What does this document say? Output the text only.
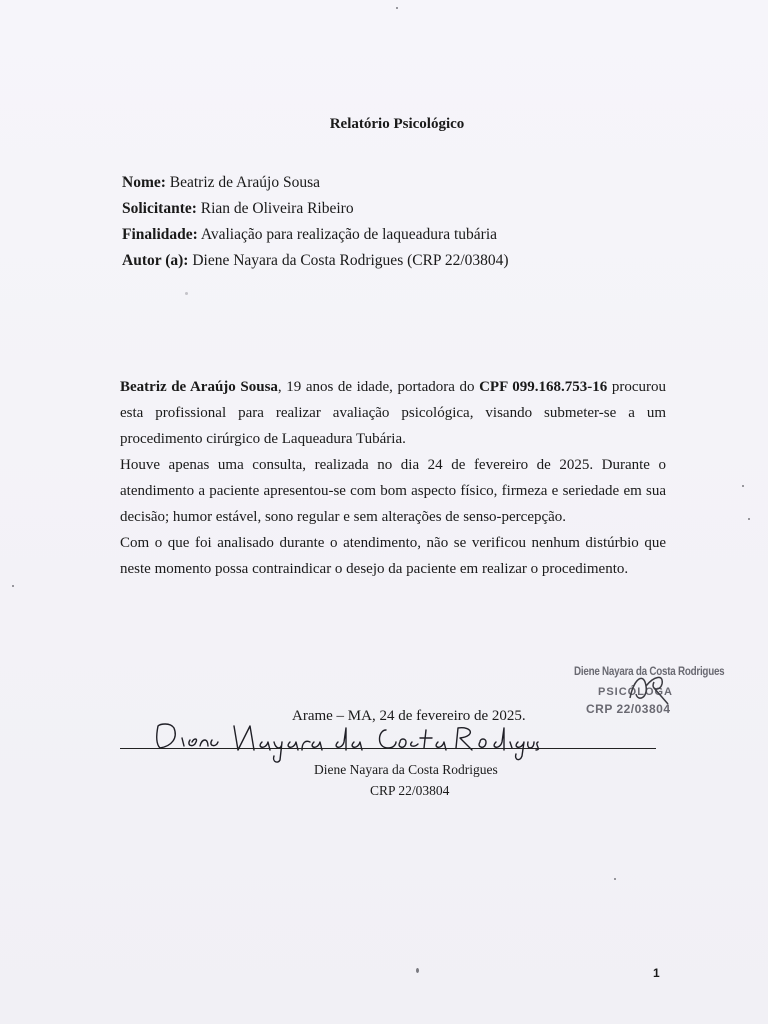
Relatório Psicológico
Nome: Beatriz de Araújo Sousa
Solicitante: Rian de Oliveira Ribeiro
Finalidade: Avaliação para realização de laqueadura tubária
Autor (a): Diene Nayara da Costa Rodrigues (CRP 22/03804)

Beatriz de Araújo Sousa, 19 anos de idade, portadora do CPF 099.168.753-16 procurou esta profissional para realizar avaliação psicológica, visando submeter-se a um procedimento cirúrgico de Laqueadura Tubária.

Houve apenas uma consulta, realizada no dia 24 de fevereiro de 2025. Durante o atendimento a paciente apresentou-se com bom aspecto físico, firmeza e seriedade em sua decisão; humor estável, sono regular e sem alterações de senso-percepção.

Com o que foi analisado durante o atendimento, não se verificou nenhum distúrbio que neste momento possa contraindicar o desejo da paciente em realizar o procedimento.

Diene Nayara da Costa Rodrigues
PSICÓLOGA
CRP 22/03804
Arame – MA, 24 de fevereiro de 2025.
Diene Nayara da Costa Rodrigues
CRP 22/03804
1
